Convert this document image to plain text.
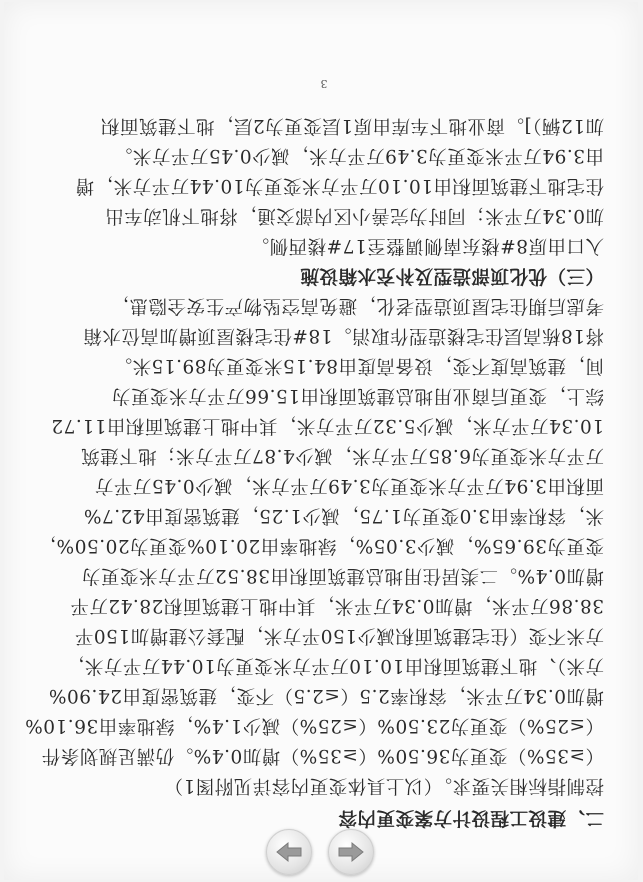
3
二、建设工程设计方案变更内容
控制指标相关要求。（以上具体变更内容详见附图1）
（≥35%）变更为36.50%（≥35%）增加0.4%。仍满足规划条件
（≤25%）变更为23.50%（≤25%）减少1.4%，绿地率由36.10%
增加0.34万平米，容积率2.5（≤2.5）不变，建筑密度由24.90%
方米）、地下建筑面积由10.10万平方米变更为10.44万平方米，
方米不变（住宅建筑面积减少150平方米，配套公建增加150平
38.86万平米，增加0.34万平米，其中地上建筑面积28.42万平
增加0.4%。二类居住用地总建筑面积由38.52万平方米变更为
变更为39.65%，减少3.05%，绿地率由20.10%变更为20.50%，
米，容积率由3.0变更为1.75，减少1.25，建筑密度由42.7%
面积由3.94万平方米变更为3.49万平方米，减少0.45万平方
万平方米变更为6.85万平方米，减少4.87万平方米；地下建筑
10.34万平方米，减少5.32万平方米，其中地上建筑面积由11.72
综上，变更后商业用地总建筑面积由15.66万平方米变更为
间，建筑高度不变，设备高度由84.15米变更为89.15米。
将18栋高层住宅楼造型作取消。18#住宅楼屋顶增加高位水箱
考虑后期住宅屋顶造型老化，避免高空坠物产生安全隐患，
（三）优化顶部造型及补充水箱设施
入口由原8#楼东南侧调整至17#楼西侧。
加0.34万平米；同时为完善小区内部交通，将地下机动车出
住宅地下建筑面积由10.10万平方米变更为10.44万平方米，增
由3.94万平米变更为3.49万平方米，减少0.45万平方米。
加12辆）]。商业地下车库由原1层变更为2层，地下建筑面积
